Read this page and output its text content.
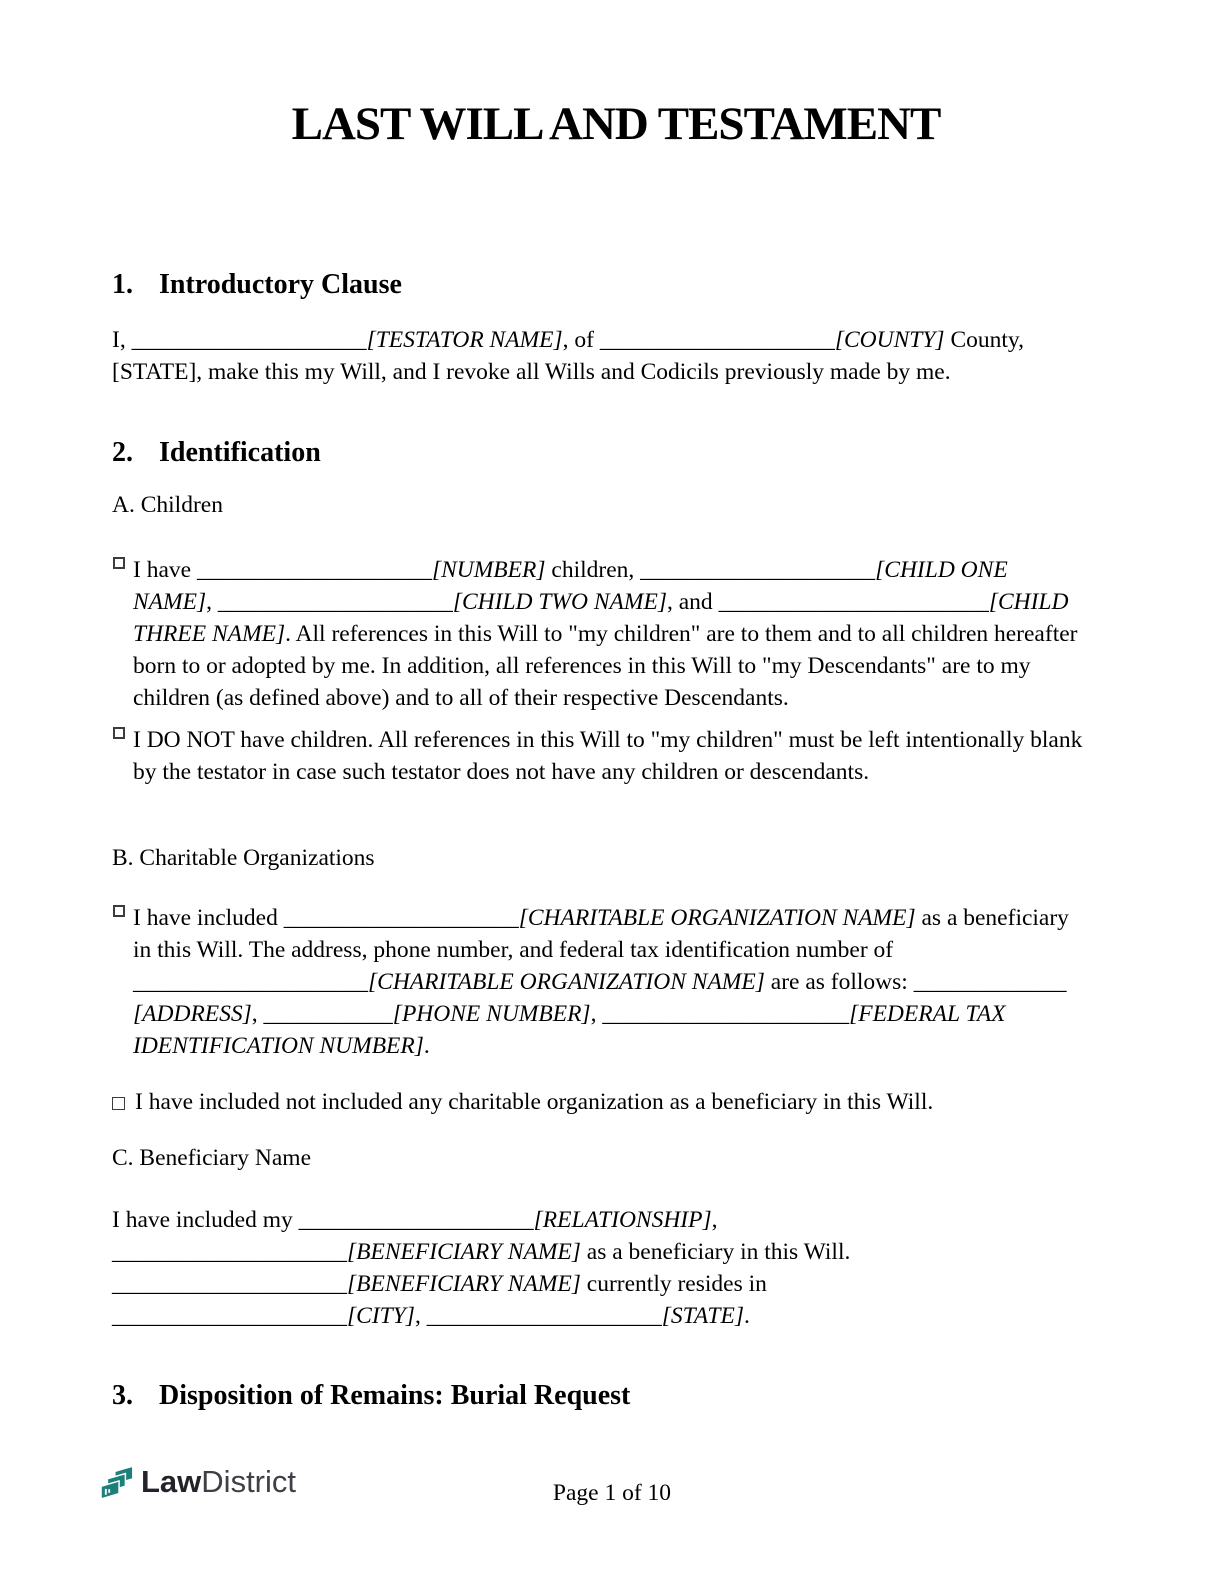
LAST WILL AND TESTAMENT
1. Introductory Clause
I, ____________________[TESTATOR NAME], of ____________________[COUNTY] County,
[STATE], make this my Will, and I revoke all Wills and Codicils previously made by me.
2. Identification
A. Children
I have ____________________[NUMBER] children, ____________________[CHILD ONE
NAME], ____________________[CHILD TWO NAME], and _______________________[CHILD
THREE NAME]. All references in this Will to "my children" are to them and to all children hereafter
born to or adopted by me. In addition, all references in this Will to "my Descendants" are to my
children (as defined above) and to all of their respective Descendants.
I DO NOT have children. All references in this Will to "my children" must be left intentionally blank
by the testator in case such testator does not have any children or descendants.
B. Charitable Organizations
I have included ____________________[CHARITABLE ORGANIZATION NAME] as a beneficiary
in this Will. The address, phone number, and federal tax identification number of
____________________[CHARITABLE ORGANIZATION NAME] are as follows: _____________
[ADDRESS], ___________[PHONE NUMBER], _____________________[FEDERAL TAX
IDENTIFICATION NUMBER].
I have included not included any charitable organization as a beneficiary in this Will.
C. Beneficiary Name
I have included my ____________________[RELATIONSHIP],
____________________[BENEFICIARY NAME] as a beneficiary in this Will.
____________________[BENEFICIARY NAME] currently resides in
____________________[CITY], ____________________[STATE].
3. Disposition of Remains: Burial Request
Law District	Page 1 of 10
